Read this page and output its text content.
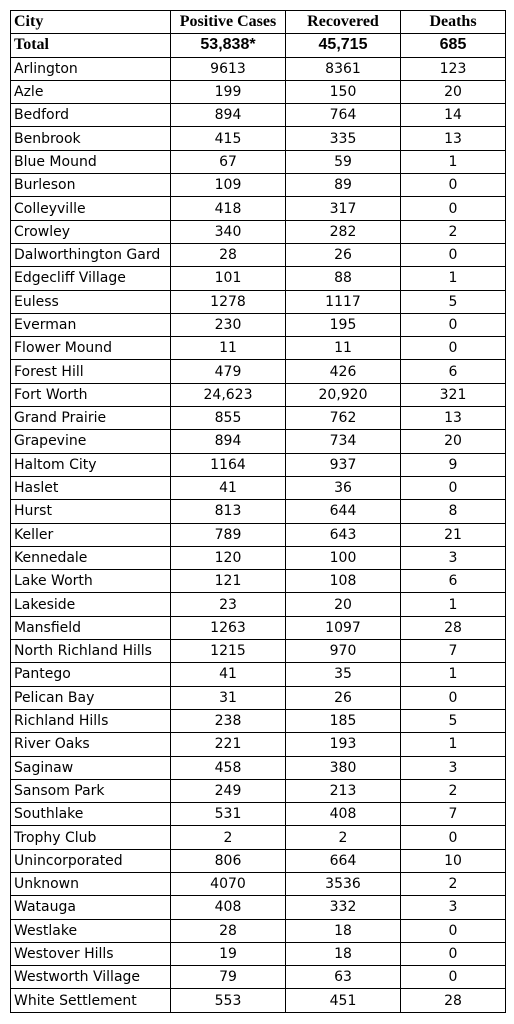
City	Positive Cases	Recovered	Deaths
Total	53,838*	45,715	685
Arlington	9613	8361	123
Azle	199	150	20
Bedford	894	764	14
Benbrook	415	335	13
Blue Mound	67	59	1
Burleson	109	89	0
Colleyville	418	317	0
Crowley	340	282	2
Dalworthington Gard	28	26	0
Edgecliff Village	101	88	1
Euless	1278	1117	5
Everman	230	195	0
Flower Mound	11	11	0
Forest Hill	479	426	6
Fort Worth	24,623	20,920	321
Grand Prairie	855	762	13
Grapevine	894	734	20
Haltom City	1164	937	9
Haslet	41	36	0
Hurst	813	644	8
Keller	789	643	21
Kennedale	120	100	3
Lake Worth	121	108	6
Lakeside	23	20	1
Mansfield	1263	1097	28
North Richland Hills	1215	970	7
Pantego	41	35	1
Pelican Bay	31	26	0
Richland Hills	238	185	5
River Oaks	221	193	1
Saginaw	458	380	3
Sansom Park	249	213	2
Southlake	531	408	7
Trophy Club	2	2	0
Unincorporated	806	664	10
Unknown	4070	3536	2
Watauga	408	332	3
Westlake	28	18	0
Westover Hills	19	18	0
Westworth Village	79	63	0
White Settlement	553	451	28
